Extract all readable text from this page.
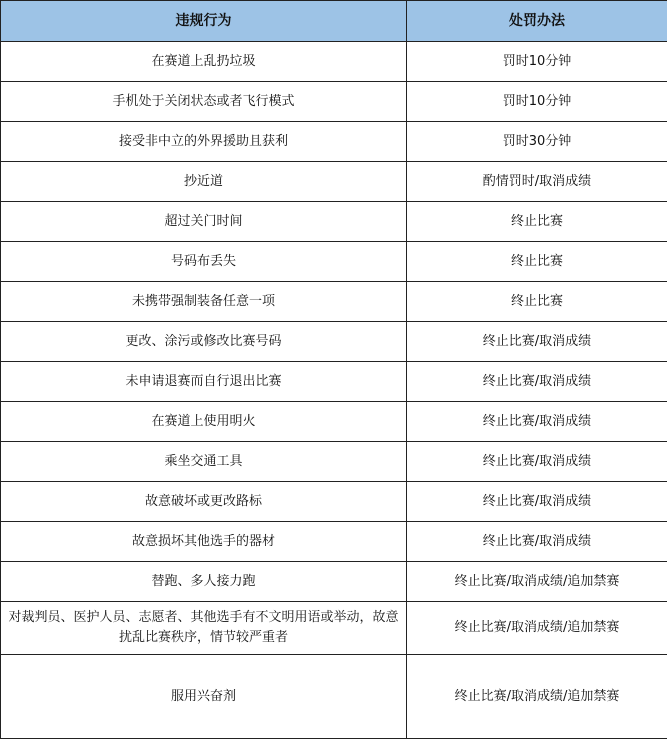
违规行为	处罚办法
在赛道上乱扔垃圾	罚时10分钟
手机处于关闭状态或者飞行模式	罚时10分钟
接受非中立的外界援助且获利	罚时30分钟
抄近道	酌情罚时/取消成绩
超过关门时间	终止比赛
号码布丢失	终止比赛
未携带强制装备任意一项	终止比赛
更改、涂污或修改比赛号码	终止比赛/取消成绩
未申请退赛而自行退出比赛	终止比赛/取消成绩
在赛道上使用明火	终止比赛/取消成绩
乘坐交通工具	终止比赛/取消成绩
故意破坏或更改路标	终止比赛/取消成绩
故意损坏其他选手的器材	终止比赛/取消成绩
替跑、多人接力跑	终止比赛/取消成绩/追加禁赛
对裁判员、医护人员、志愿者、其他选手有不文明用语或举动，故意扰乱比赛秩序，情节较严重者	终止比赛/取消成绩/追加禁赛
服用兴奋剂	终止比赛/取消成绩/追加禁赛
